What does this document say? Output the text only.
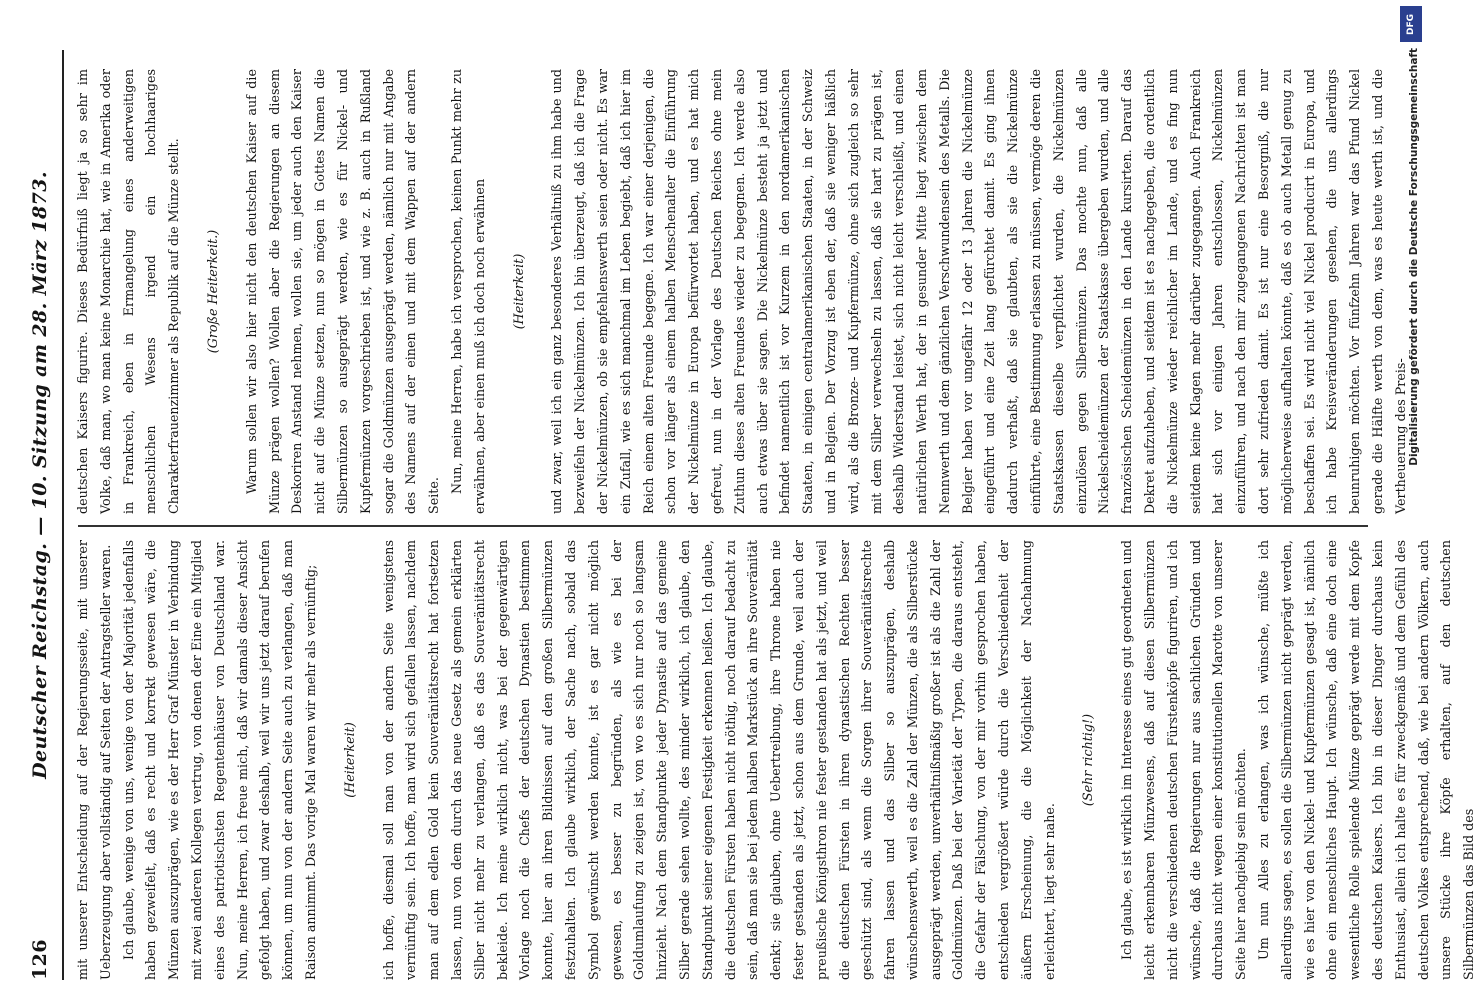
126
Deutscher Reichstag. — 10. Sitzung am 28. März 1873. mit unserer Entscheidung auf der Regierungsseite, mit unserer Ueberzeugung aber vollständig auf Seiten der Antragsteller waren. Ich glaube, wenige von uns, wenige von der Majorität jedenfalls haben gezweifelt, daß es recht und korrekt gewesen wäre, die Münzen auszuprägen, wie es der Herr Graf Münster in Verbindung mit zwei anderen Kollegen vertrug, von denen der Eine ein Mitglied eines des patriotischsten Regentenhäuser von Deutschland war. Nun, meine Herren, ich freue mich, daß wir damals dieser Ansicht gefolgt haben, und zwar deshalb, weil wir uns jetzt darauf berufen können, um nun von der andern Seite auch zu verlangen, daß man Raison annimmt. Das vorige Mal waren wir mehr als vernünftig;	(Heiterkeit)	ich hoffe, diesmal soll man von der andern Seite wenigstens vernünftig sein. Ich hoffe, man wird sich gefallen lassen, nachdem man auf dem edlen Gold kein Souveränitätsrecht hat fortsetzen lassen, nun von dem durch das neue Gesetz als gemein erklärten Silber nicht mehr zu verlangen, daß es das Souveränitätsrecht bekleide. Ich meine wirklich nicht, was bei der gegenwärtigen Vorlage noch die Chefs der deutschen Dynastien bestimmen konnte, hier an ihren Bildnissen auf den großen Silbermünzen festzuhalten. Ich glaube wirklich, der Sache nach, sobald das Symbol gewünscht werden konnte, ist es gar nicht möglich gewesen, es besser zu begründen, als wie es bei der Goldumlaufung zu zeigen ist, von wo es sich nur noch so langsam hinzieht. Nach dem Standpunkte jeder Dynastie auf das gemeine Silber gerade sehen wollte, des minder wirklich, ich glaube, den Standpunkt seiner eigenen Festigkeit erkennen heißen. Ich glaube, die deutschen Fürsten haben nicht nöthig, noch darauf bedacht zu sein, daß man sie bei jedem halben Markstück an ihre Souveränität denkt; sie glauben, ohne Uebertreibung, ihre Throne haben nie fester gestanden als jetzt, schon aus dem Grunde, weil auch der preußische Königsthron nie fester gestanden hat als jetzt, und weil die deutschen Fürsten in ihren dynastischen Rechten besser geschützt sind, als wenn die Sorgen ihrer Souveränitätsrechte fahren lassen und das Silber so auszuprägen, deshalb wünschenswerth, weil es die Zahl der Münzen, die als Silberstücke ausgeprägt werden, unverhältnißmäßig großer ist als die Zahl der Goldmünzen. Daß bei der Varietät der Typen, die daraus entsteht, die Gefahr der Fälschung, von der mir vorhin gesprochen haben, entschieden vergrößert würde durch die Verschiedenheit der äußern Erscheinung, die die Möglichkeit der Nachahmung erleichtert, liegt sehr nahe.

(Sehr richtig!)	Ich glaube, es ist wirklich im Interesse eines gut geordneten und leicht erkennbaren Münzwesens, daß auf diesen Silbermünzen nicht die verschiedenen deutschen Fürstenköpfe figuriren, und ich wünsche, daß die Regierungen nur aus sachlichen Gründen und durchaus nicht wegen einer konstitutionellen Marotte von unserer Seite hier nachgiebig sein möchten. Um nun Alles zu erlangen, was ich wünsche, müßte ich allerdings sagen, es sollen die Silbermünzen nicht geprägt werden, wie es hier von den Nickel- und Kupfermünzen gesagt ist, nämlich ohne ein menschliches Haupt. Ich wünsche, daß eine doch eine wesentliche Rolle spielende Münze geprägt werde mit dem Kopfe des deutschen Kaisers. Ich bin in dieser Dinger durchaus kein Enthusiast, allein ich halte es für zweckgemäß und dem Gefühl des deutschen Volkes entsprechend, daß, wie bei andern Völkern, auch unsere Stücke ihre Köpfe erhalten, auf den deutschen Silbermünzen das Bild des

deutschen Kaisers figurire. Dieses Bedürfniß liegt ja so sehr im Volke, daß man, wo man keine Monarchie hat, wie in Amerika oder in Frankreich, eben in Ermangelung eines anderweitigen menschlichen Wesens irgend ein hochhaariges Charakterfrauenzimmer als Republik auf die Münze stellt.	(Große Heiterkeit.)	Warum sollen wir also hier nicht den deutschen Kaiser auf die Münze prägen wollen? Wollen aber die Regierungen an diesem Deskoriren Anstand nehmen, wollen sie, um jeder auch den Kaiser nicht auf die Münze setzen, nun so mögen in Gottes Namen die Silbermünzen so ausgeprägt werden, wie es für Nickel- und Kupfermünzen vorgeschrieben ist, und wie z. B. auch in Rußland sogar die Goldmünzen ausgeprägt werden, nämlich nur mit Angabe des Namens auf der einen und mit dem Wappen auf der andern Seite.

Nun, meine Herren, habe ich versprochen, keinen Punkt mehr zu erwähnen, aber einen muß ich doch noch erwähnen	(Heiterkeit)	und zwar, weil ich ein ganz besonderes Verhältniß zu ihm habe und bezweifeln der Nickelmünzen. Ich bin überzeugt, daß ich die Frage der Nickelmünzen, ob sie empfehlenswerth seien oder nicht. Es war ein Zufall, wie es sich manchmal im Leben begiebt, daß ich hier im Reich einem alten Freunde begegne. Ich war einer derjenigen, die schon vor länger als einem halben Menschenalter die Einführung der Nickelmünze in Europa befürwortet haben, und es hat mich gefreut, nun in der Vorlage des Deutschen Reiches ohne mein Zuthun dieses alten Freundes wieder zu begegnen. Ich werde also auch etwas über sie sagen. Die Nickelmünze besteht ja jetzt und befindet namentlich ist vor Kurzem in den nordamerikanischen Staaten, in einigen centralamerikanischen Staaten, in der Schweiz und in Belgien. Der Vorzug ist eben der, daß sie weniger häßlich wird, als die Bronze- und Kupfermünze, ohne sich zugleich so sehr mit dem Silber verwechseln zu lassen, daß sie hart zu prägen ist, deshalb Widerstand leistet, sich nicht leicht verschleißt, und einen natürlichen Werth hat, der in gesunder Mitte liegt zwischen dem Nennwerth und dem gänzlichen Verschwundensein des Metalls. Die Belgier haben vor ungefähr 12 oder 13 Jahren die Nickelmünze eingeführt und eine Zeit lang gefürchtet damit. Es ging ihnen dadurch verhaßt, daß sie glaubten, als sie die Nickelmünze einführte, eine Bestimmung erlassen zu müssen, vermöge deren die Staatskassen dieselbe verpflichtet wurden, die Nickelmünzen einzulösen gegen Silbermünzen. Das mochte nun, daß alle Nickelscheidemünzen der Staatskasse übergeben wurden, und alle französischen Scheidemünzen in den Lande kursirten. Darauf das Dekret aufzuheben, und seitdem ist es nachgegeben, die ordentlich die Nickelmünze wieder reichlicher im Lande, und es fing nun seitdem keine Klagen mehr darüber zugegangen. Auch Frankreich hat sich vor einigen Jahren entschlossen, Nickelmünzen einzuführen, und nach den mir zugegangenen Nachrichten ist man dort sehr zufrieden damit. Es ist nur eine Besorgniß, die nur möglicherweise aufhalten könnte, daß es ob auch Metall genug zu beschaffen sei. Es wird nicht viel Nickel producirt in Europa, und ich habe Kreisveränderungen gesehen, die uns allerdings beunruhigen möchten. Vor fünfzehn Jahren war das Pfund Nickel gerade die Hälfte werth von dem, was es heute werth ist, und die Vertheuerung des Preis-

DFG
Digitalisierung gefördert durch die Deutsche Forschungsgemeinschaft
